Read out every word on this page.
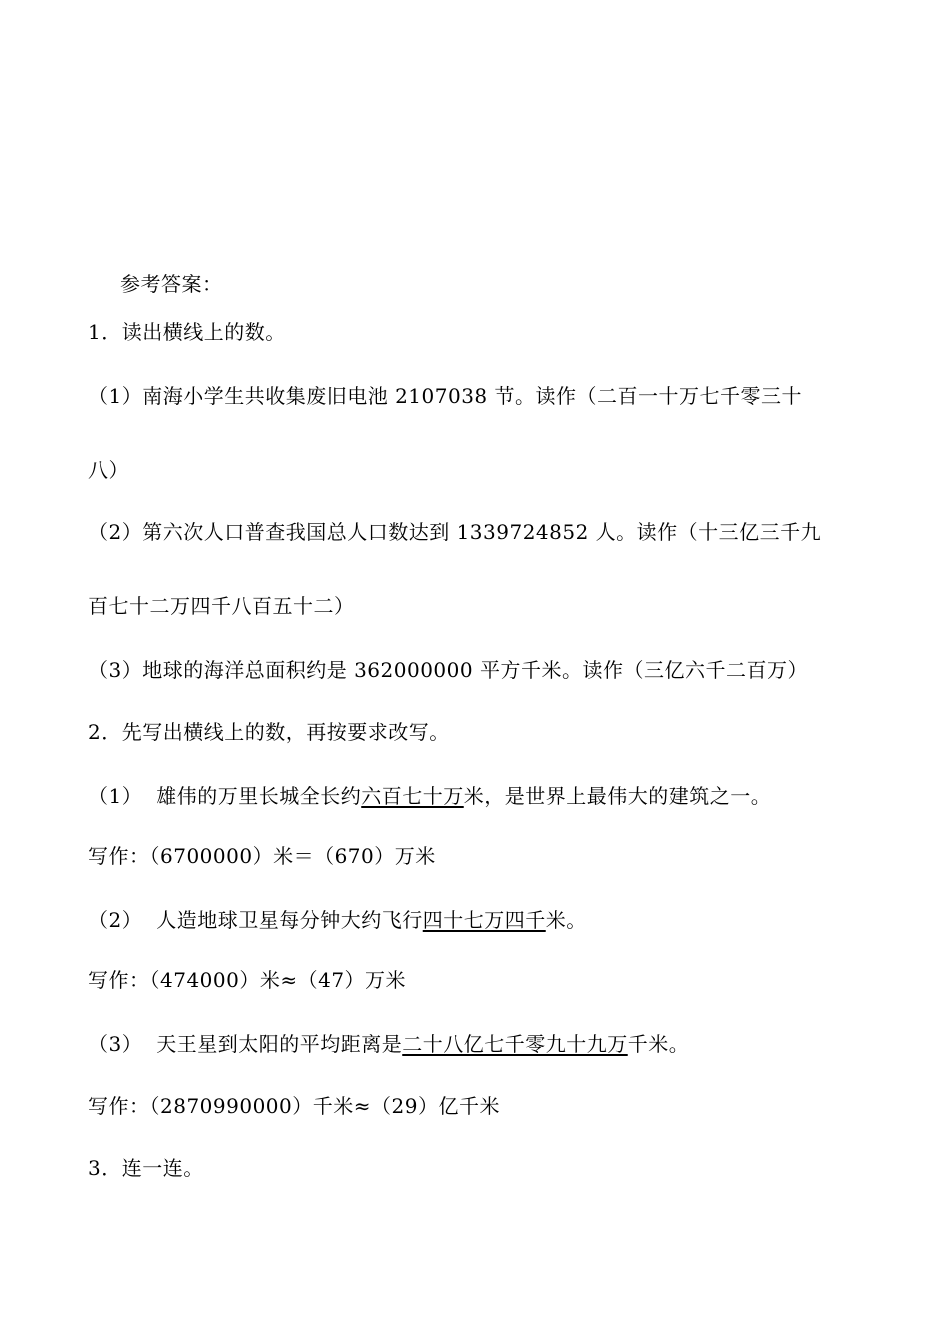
参考答案：
1．读出横线上的数。
（1）南海小学生共收集废旧电池 2107038 节。读作（二百一十万七千零三十
八）
（2）第六次人口普查我国总人口数达到 1339724852 人。读作（十三亿三千九
百七十二万四千八百五十二）
（3）地球的海洋总面积约是 362000000 平方千米。读作（三亿六千二百万）
2．先写出横线上的数，再按要求改写。
（1） 雄伟的万里长城全长约六百七十万米，是世界上最伟大的建筑之一。
写作：（6700000）米＝（670）万米
（2） 人造地球卫星每分钟大约飞行四十七万四千米。
写作：（474000）米≈（47）万米
（3） 天王星到太阳的平均距离是二十八亿七千零九十九万千米。
写作：（2870990000）千米≈（29）亿千米
3．连一连。
